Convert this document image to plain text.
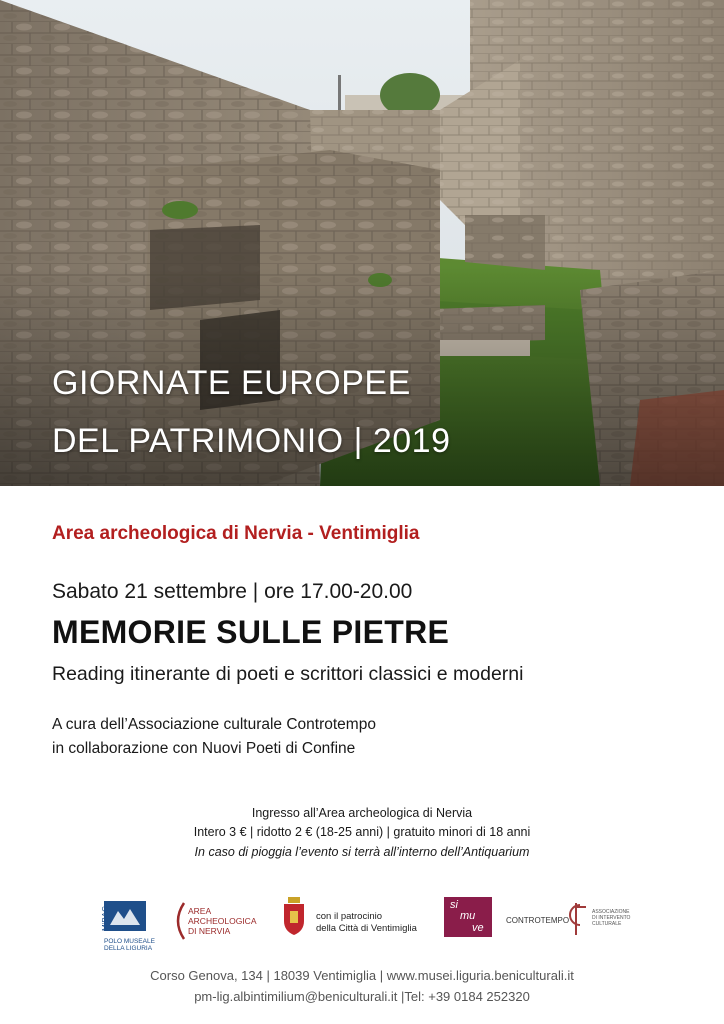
GIORNATE EUROPEE
DEL PATRIMONIO | 2019

Area archeologica di Nervia - Ventimiglia

Sabato 21 settembre | ore 17.00-20.00

MEMORIE SULLE PIETRE

Reading itinerante di poeti e scrittori classici e moderni

A cura dell’Associazione culturale Controtempo

in collaborazione con Nuovi Poeti di Confine

Ingresso all’Area archeologica di Nervia

Intero 3 € | ridotto 2 € (18-25 anni) | gratuito minori di 18 anni

In caso di pioggia l’evento si terrà all’interno dell’Antiquarium

MiBAC
POLO MUSEALE
DELLA LIGURIA
AREA
ARCHEOLOGICA
DI NERVIA
con il patrocinio
della Città di Ventimiglia
si
mu
ve
CONTROTEMPO
ASSOCIAZIONE
DI INTERVENTO
CULTURALE

Corso Genova, 134 | 18039 Ventimiglia | www.musei.liguria.beniculturali.it

pm-lig.albintimilium@beniculturali.it |Tel: +39 0184 252320
